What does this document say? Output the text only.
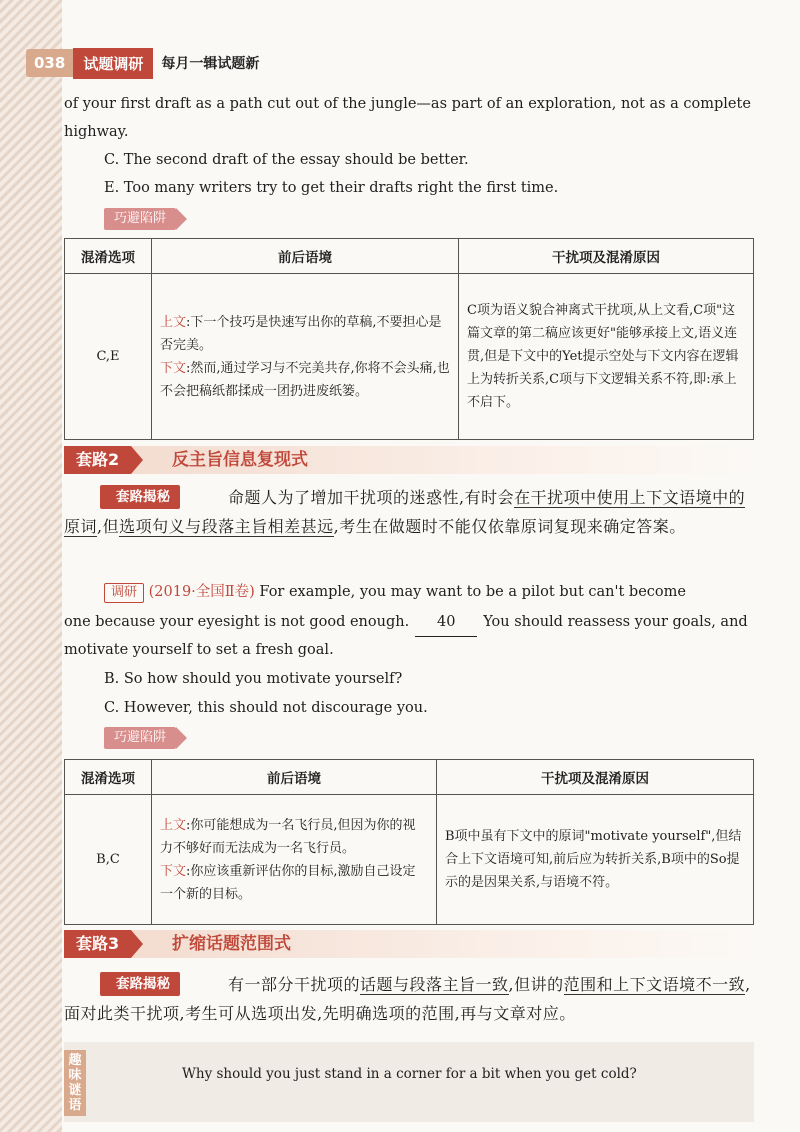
038	试题调研	每月一辑试题新
of your first draft as a path cut out of the jungle—as part of an exploration, not as a complete
highway.
C. The second draft of the essay should be better.
E. Too many writers try to get their drafts right the first time.
巧避陷阱
混淆选项	前后语境	干扰项及混淆原因
C,E	上文:下一个技巧是快速写出你的草稿,不要担心是否完美。
下文:然而,通过学习与不完美共存,你将不会头痛,也不会把稿纸都揉成一团扔进废纸篓。	C项为语义貌合神离式干扰项,从上文看,C项"这篇文章的第二稿应该更好"能够承接上文,语义连贯,但是下文中的Yet提示空处与下文内容在逻辑上为转折关系,C项与下文逻辑关系不符,即:承上不启下。
套路2	反主旨信息复现式
套路揭秘	命题人为了增加干扰项的迷惑性,有时会在干扰项中使用上下文语境中的原词,但选项句义与段落主旨相差甚远,考生在做题时不能仅依靠原词复现来确定答案。
调研 (2019·全国Ⅱ卷) For example, you may want to be a pilot but can't become
one because your eyesight is not good enough. 40 You should reassess your goals, and
motivate yourself to set a fresh goal.
B. So how should you motivate yourself?
C. However, this should not discourage you.
巧避陷阱
混淆选项	前后语境	干扰项及混淆原因
B,C	上文:你可能想成为一名飞行员,但因为你的视力不够好而无法成为一名飞行员。
下文:你应该重新评估你的目标,激励自己设定一个新的目标。	B项中虽有下文中的原词"motivate yourself",但结合上下文语境可知,前后应为转折关系,B项中的So提示的是因果关系,与语境不符。
套路3	扩缩话题范围式
套路揭秘	有一部分干扰项的话题与段落主旨一致,但讲的范围和上下文语境不一致,面对此类干扰项,考生可从选项出发,先明确选项的范围,再与文章对应。
趣味谜语
Why should you just stand in a corner for a bit when you get cold?
